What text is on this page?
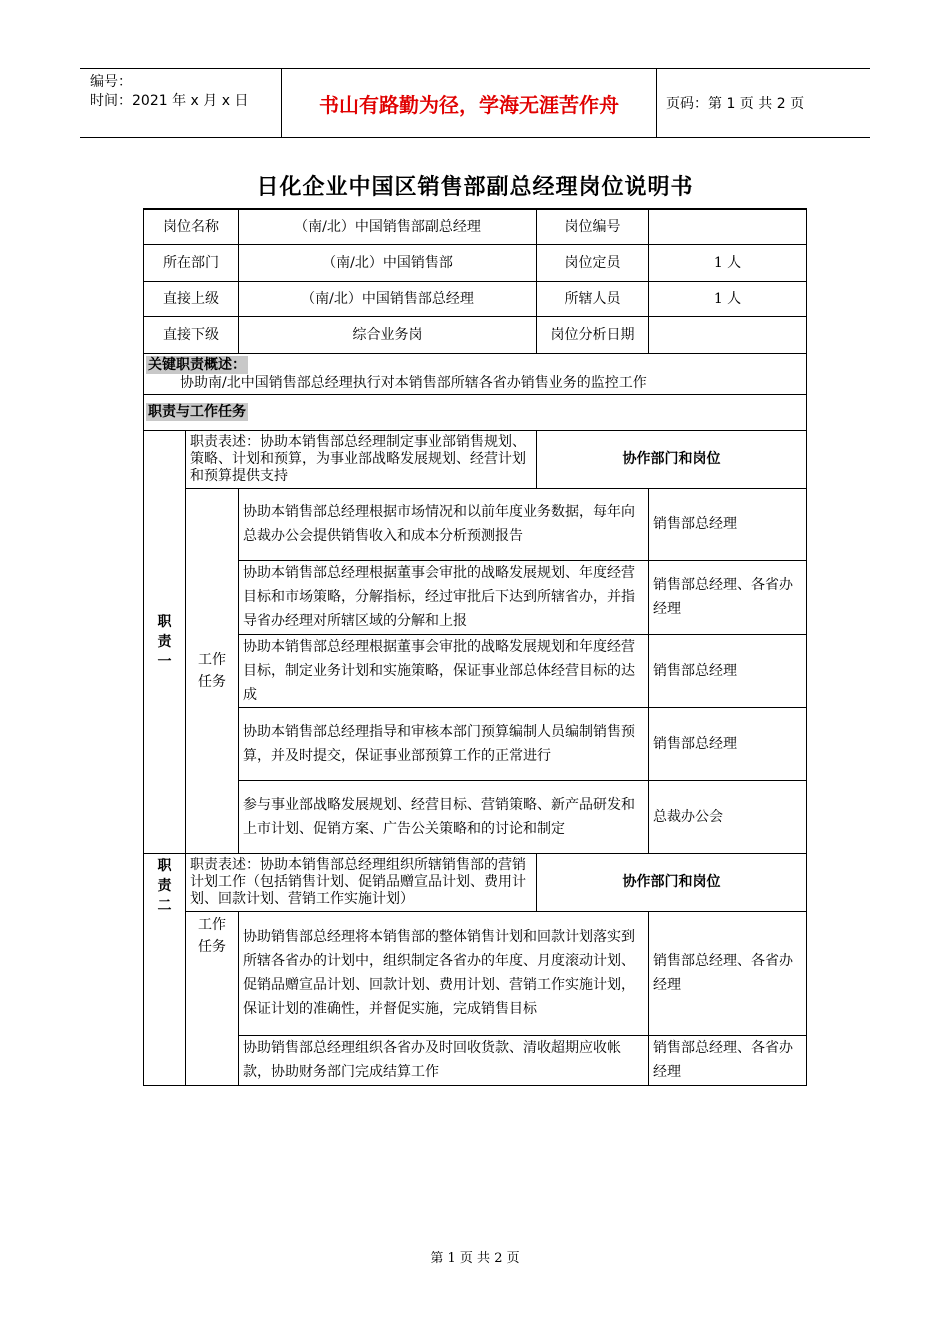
编号：
时间：2021 年 x 月 x 日	书山有路勤为径，学海无涯苦作舟	页码：第 1 页 共 2 页
日化企业中国区销售部副总经理岗位说明书
岗位名称		（南/北）中国销售部副总经理	岗位编号	
所在部门		（南/北）中国销售部	岗位定员	1 人
直接上级		（南/北）中国销售部总经理	所辖人员	1 人
直接下级		综合业务岗	岗位分析日期	
关键职责概述：
协助南/北中国销售部总经理执行对本销售部所辖各省办销售业务的监控工作				
职责与工作任务				
职责一	职责表述：协助本销售部总经理制定事业部销售规划、策略、计划和预算，为事业部战略发展规划、经营计划和预算提供支持		协作部门和岗位	
	工作任务	协助本销售部总经理根据市场情况和以前年度业务数据，每年向总裁办公会提供销售收入和成本分析预测报告		销售部总经理
		协助本销售部总经理根据董事会审批的战略发展规划、年度经营目标和市场策略，分解指标，经过审批后下达到所辖省办，并指导省办经理对所辖区域的分解和上报		销售部总经理、各省办经理
		协助本销售部总经理根据董事会审批的战略发展规划和年度经营目标，制定业务计划和实施策略，保证事业部总体经营目标的达成		销售部总经理
		协助本销售部总经理指导和审核本部门预算编制人员编制销售预算，并及时提交，保证事业部预算工作的正常进行		销售部总经理
		参与事业部战略发展规划、经营目标、营销策略、新产品研发和上市计划、促销方案、广告公关策略和的讨论和制定		总裁办公会
职责二	职责表述：协助本销售部总经理组织所辖销售部的营销计划工作（包括销售计划、促销品赠宣品计划、费用计划、回款计划、营销工作实施计划）		协作部门和岗位	
	工作任务	协助销售部总经理将本销售部的整体销售计划和回款计划落实到所辖各省办的计划中，组织制定各省办的年度、月度滚动计划、促销品赠宣品计划、回款计划、费用计划、营销工作实施计划，保证计划的准确性，并督促实施，完成销售目标		销售部总经理、各省办经理
		协助销售部总经理组织各省办及时回收货款、清收超期应收帐款，协助财务部门完成结算工作		销售部总经理、各省办经理
第 1 页 共 2 页
